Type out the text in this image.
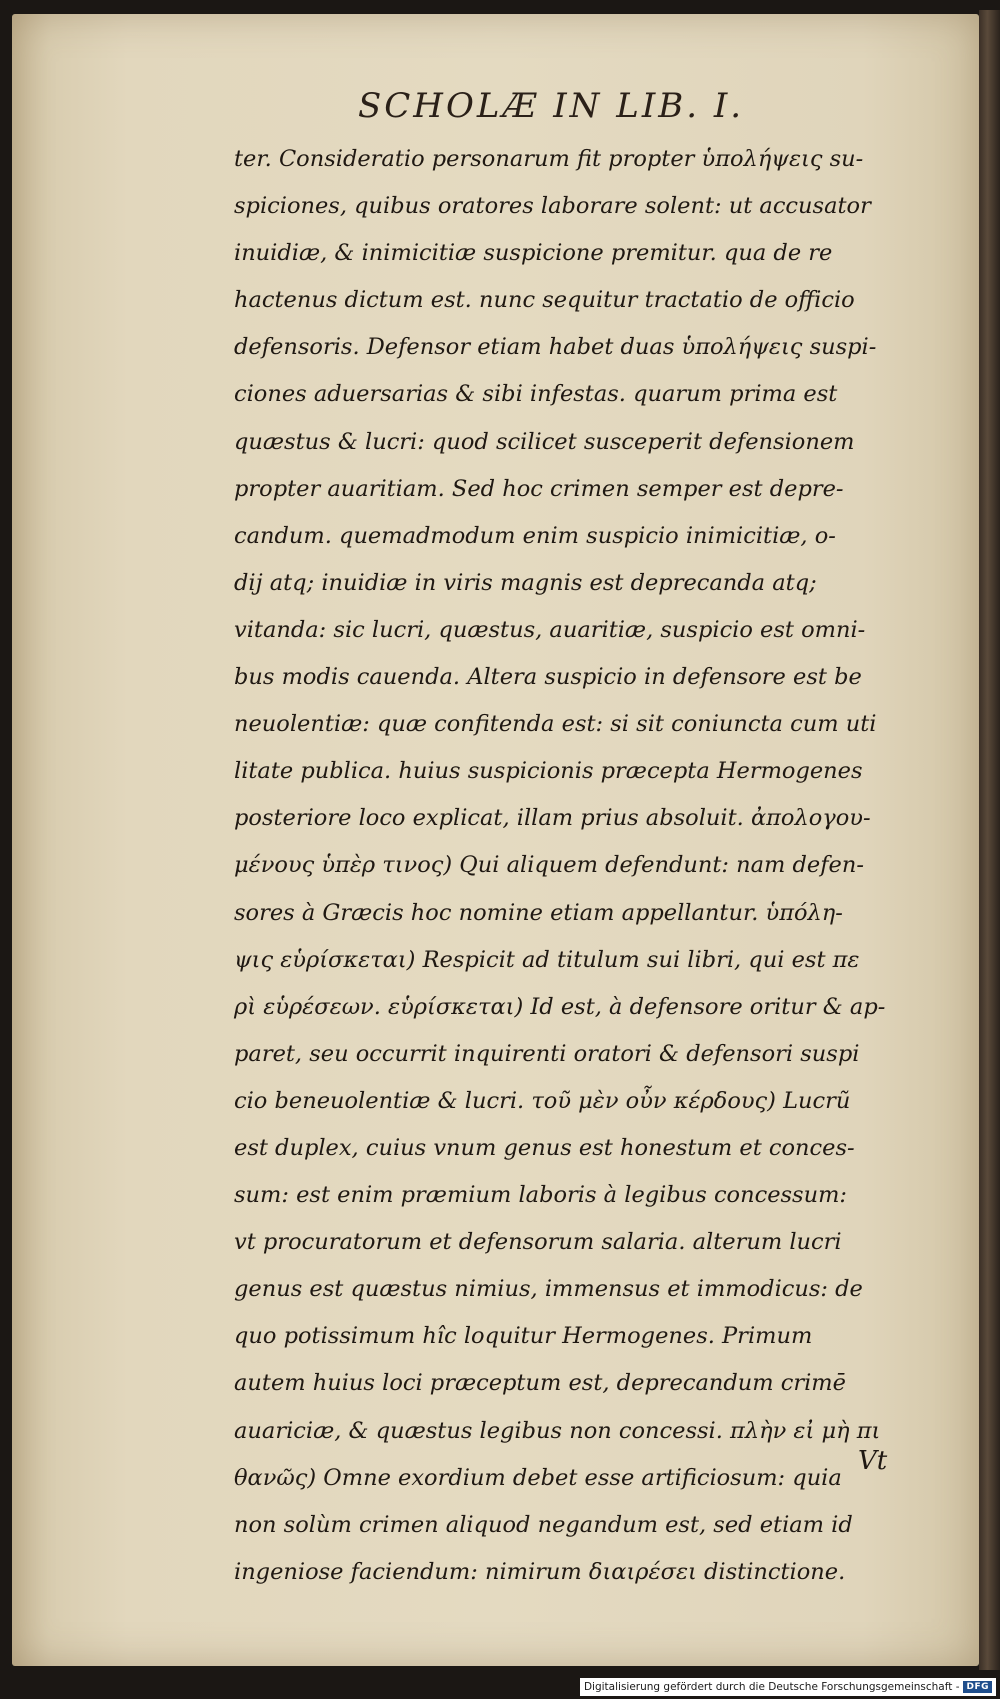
SCHOLÆ IN LIB. I.
ter. Consideratio personarum fit propter ὑπολήψεις su-
spiciones, quibus oratores laborare solent: ut accusator
inuidiæ, & inimicitiæ suspicione premitur. qua de re
hactenus dictum est. nunc sequitur tractatio de officio
defensoris. Defensor etiam habet duas ὑπολήψεις suspi-
ciones aduersarias & sibi infestas. quarum prima est
quæstus & lucri: quod scilicet susceperit defensionem
propter auaritiam. Sed hoc crimen semper est depre-
candum. quemadmodum enim suspicio inimicitiæ, o-
dij atq; inuidiæ in viris magnis est deprecanda atq;
vitanda: sic lucri, quæstus, auaritiæ, suspicio est omni-
bus modis cauenda. Altera suspicio in defensore est be
neuolentiæ: quæ confitenda est: si sit coniuncta cum uti
litate publica. huius suspicionis præcepta Hermogenes
posteriore loco explicat, illam prius absoluit. ἀπολογου-
μένους ὑπὲρ τινος) Qui aliquem defendunt: nam defen-
sores à Græcis hoc nomine etiam appellantur. ὑπόλη-
ψις εὑρίσκεται) Respicit ad titulum sui libri, qui est πε
ρὶ εὑρέσεων. εὑρίσκεται) Id est, à defensore oritur & ap-
paret, seu occurrit inquirenti oratori & defensori suspi
cio beneuolentiæ & lucri. τοῦ μὲν οὖν κέρδους) Lucrũ
est duplex, cuius vnum genus est honestum et conces-
sum: est enim præmium laboris à legibus concessum:
vt procuratorum et defensorum salaria. alterum lucri
genus est quæstus nimius, immensus et immodicus: de
quo potissimum hîc loquitur Hermogenes. Primum
autem huius loci præceptum est, deprecandum crimē
auariciæ, & quæstus legibus non concessi. πλὴν εἰ μὴ πι
θανῶς) Omne exordium debet esse artificiosum: quia
non solùm crimen aliquod negandum est, sed etiam id
ingeniose faciendum: nimirum διαιρέσει distinctione.
Vt
Digitalisierung gefördert durch die Deutsche Forschungsgemeinschaft - DFG
